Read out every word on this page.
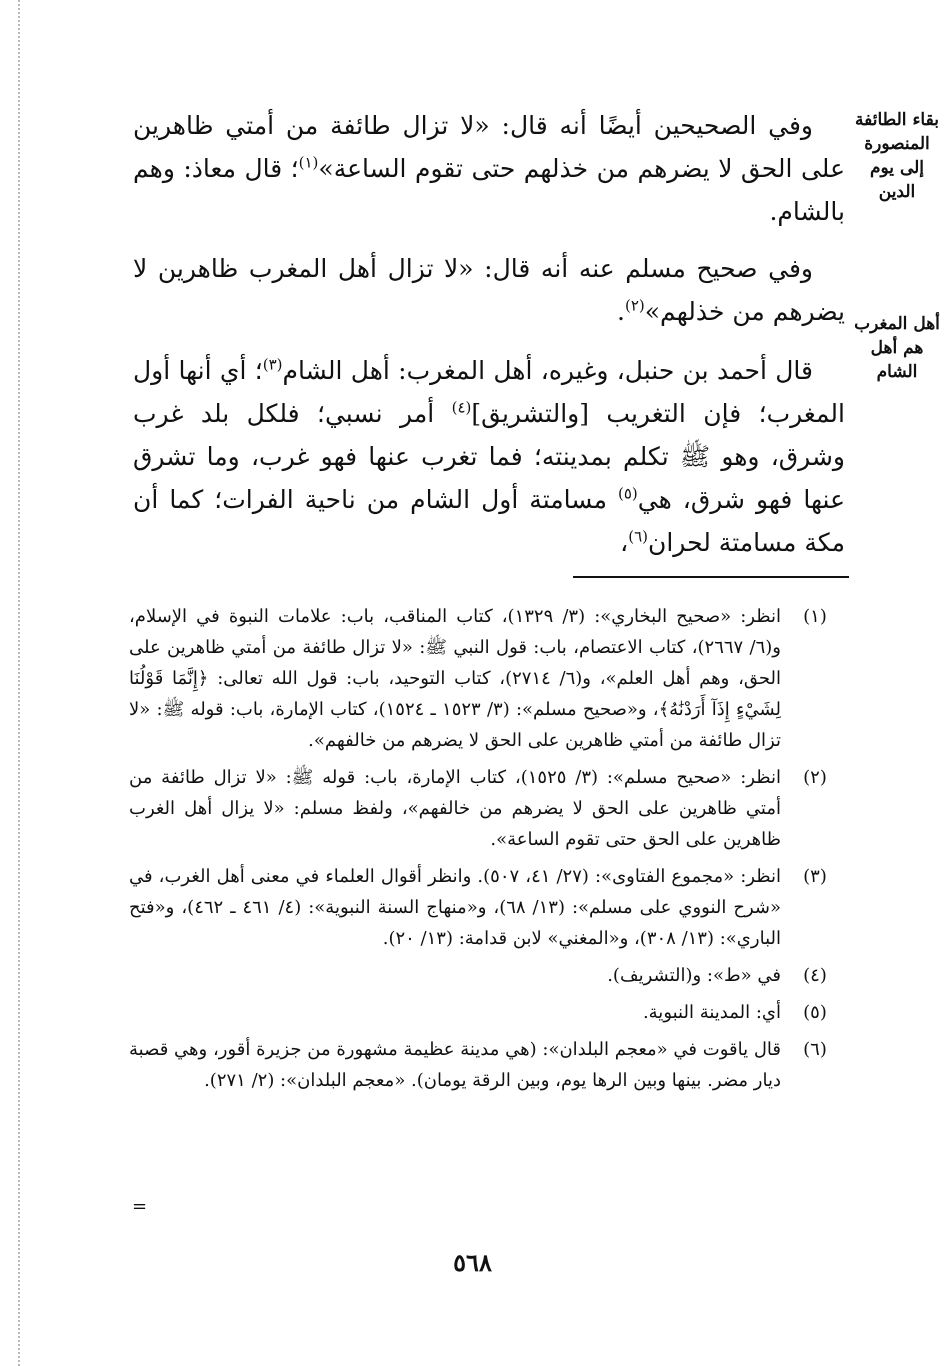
بقاء الطائفة المنصورة إلى يوم الدين
أهل المغرب هم أهل الشام

وفي الصحيحين أيضًا أنه قال: «لا تزال طائفة من أمتي ظاهرين على الحق لا يضرهم من خذلهم حتى تقوم الساعة»$^{(١)}$؛ قال معاذ: وهم بالشام.

وفي صحيح مسلم عنه أنه قال: «لا تزال أهل المغرب ظاهرين لا يضرهم من خذلهم»$^{(٢)}$.

قال أحمد بن حنبل، وغيره، أهل المغرب: أهل الشام$^{(٣)}$؛ أي أنها أول المغرب؛ فإن التغريب [والتشريق]$^{(٤)}$ أمر نسبي؛ فلكل بلد غرب وشرق، وهو ﷺ تكلم بمدينته؛ فما تغرب عنها فهو غرب، وما تشرق عنها فهو شرق، هي$^{(٥)}$ مسامتة أول الشام من ناحية الفرات؛ كما أن مكة مسامتة لحران$^{(٦)}$،

(١)
انظر: «صحيح البخاري»: (٣/ ١٣٢٩)، كتاب المناقب، باب: علامات النبوة في الإسلام، و(٦/ ٢٦٦٧)، كتاب الاعتصام، باب: قول النبي ﷺ: «لا تزال طائفة من أمتي ظاهرين على الحق، وهم أهل العلم»، و(٦/ ٢٧١٤)، كتاب التوحيد، باب: قول الله تعالى: ﴿إِنَّمَا قَوْلُنَا لِشَيْءٍ إِذَآ أَرَدْنَٰهُ﴾، و«صحيح مسلم»: (٣/ ١٥٢٣ ـ ١٥٢٤)، كتاب الإمارة، باب: قوله ﷺ: «لا تزال طائفة من أمتي ظاهرين على الحق لا يضرهم من خالفهم».
(٢)
انظر: «صحيح مسلم»: (٣/ ١٥٢٥)، كتاب الإمارة، باب: قوله ﷺ: «لا تزال طائفة من أمتي ظاهرين على الحق لا يضرهم من خالفهم»، ولفظ مسلم: «لا يزال أهل الغرب ظاهرين على الحق حتى تقوم الساعة».
(٣)
انظر: «مجموع الفتاوى»: (٢٧/ ٤١، ٥٠٧). وانظر أقوال العلماء في معنى أهل الغرب، في «شرح النووي على مسلم»: (١٣/ ٦٨)، و«منهاج السنة النبوية»: (٤/ ٤٦١ ـ ٤٦٢)، و«فتح الباري»: (١٣/ ٣٠٨)، و«المغني» لابن قدامة: (١٣/ ٢٠).
(٤)
في «ط»: و(التشريف).
(٥)
أي: المدينة النبوية.
(٦)
قال ياقوت في «معجم البلدان»: (هي مدينة عظيمة مشهورة من جزيرة أقور، وهي قصبة ديار مضر. بينها وبين الرها يوم، وبين الرقة يومان). «معجم البلدان»: (٢/ ٢٧١).
=
٥٦٨
